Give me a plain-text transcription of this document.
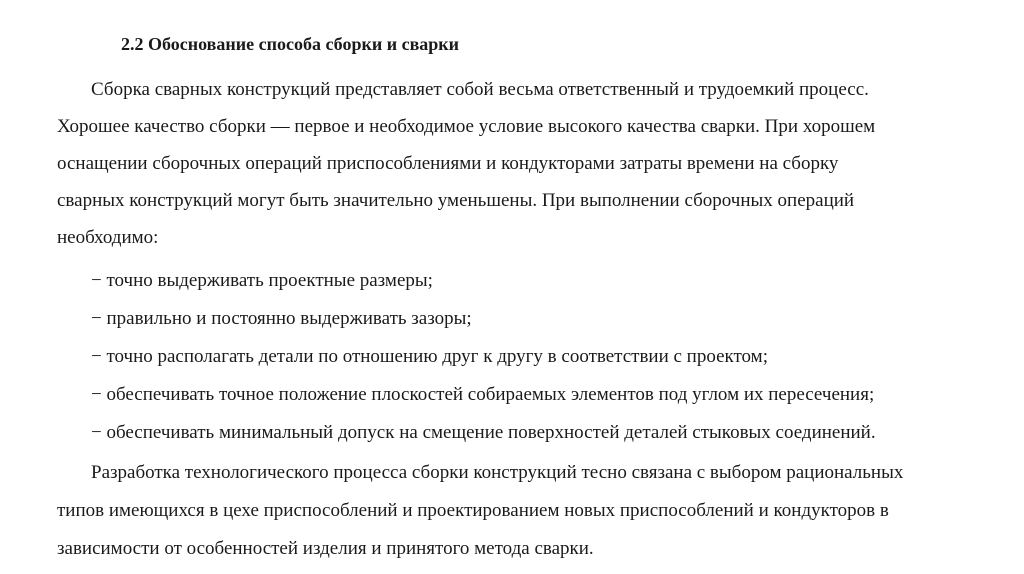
2.2 Обоснование способа сборки и сварки
Сборка сварных конструкций представляет собой весьма ответственный и трудоемкий процесс.
Хорошее качество сборки — первое и необходимое условие высокого качества сварки. При хорошем
оснащении сборочных операций приспособлениями и кондукторами затраты времени на сборку
сварных конструкций могут быть значительно уменьшены. При выполнении сборочных операций
необходимо:
− точно выдерживать проектные размеры;
− правильно и постоянно выдерживать зазоры;
− точно располагать детали по отношению друг к другу в соответствии с проектом;
− обеспечивать точное положение плоскостей собираемых элементов под углом их пересечения;
− обеспечивать минимальный допуск на смещение поверхностей деталей стыковых соединений.
Разработка технологического процесса сборки конструкций тесно связана с выбором рациональных
типов имеющихся в цехе приспособлений и проектированием новых приспособлений и кондукторов в
зависимости от особенностей изделия и принятого метода сварки.
